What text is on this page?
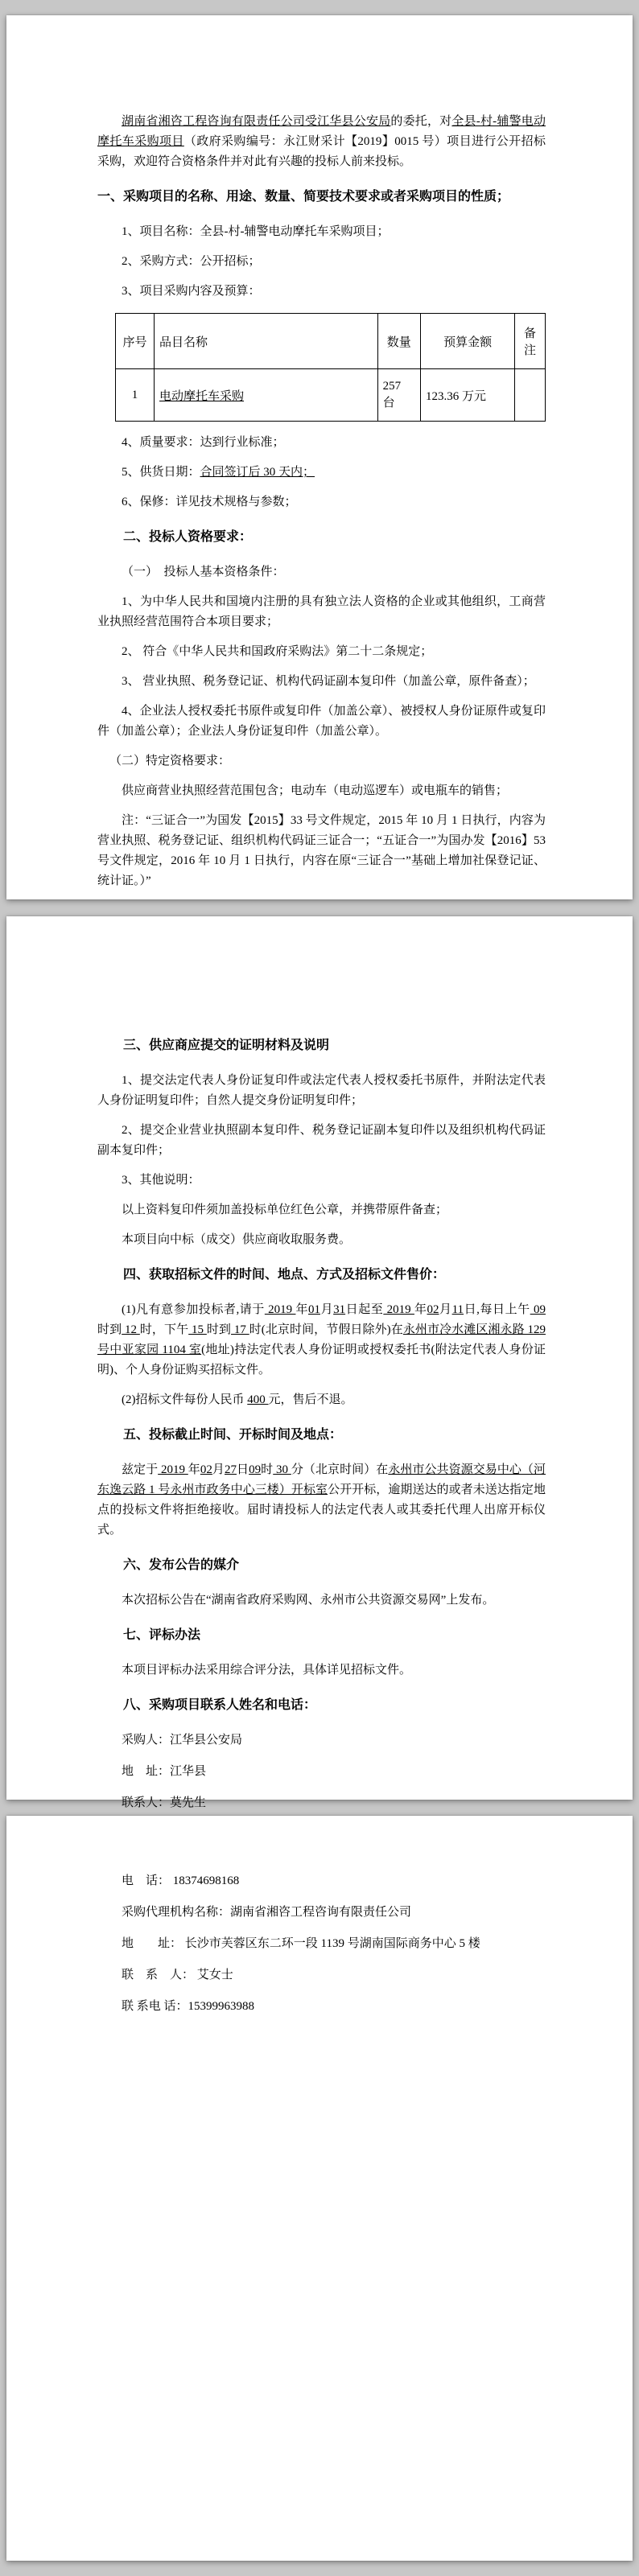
湖南省湘咨工程咨询有限责任公司受江华县公安局的委托，对全县-村-辅警电动摩托车采购项目（政府采购编号：永江财采计【2019】0015 号）项目进行公开招标采购，欢迎符合资格条件并对此有兴趣的投标人前来投标。

一、采购项目的名称、用途、数量、简要技术要求或者采购项目的性质；

1、项目名称：全县-村-辅警电动摩托车采购项目；

2、采购方式：公开招标；

3、项目采购内容及预算：

序号	品目名称	数量	预算金额	备注
1	电动摩托车采购	257 台	123.36 万元	

4、质量要求：达到行业标准；

5、供货日期：合同签订后 30 天内；

6、保修：详见技术规格与参数；

二、投标人资格要求：

（一）　投标人基本资格条件：

1、为中华人民共和国境内注册的具有独立法人资格的企业或其他组织，工商营业执照经营范围符合本项目要求；

2、 符合《中华人民共和国政府采购法》第二十二条规定；

3、 营业执照、税务登记证、机构代码证副本复印件（加盖公章，原件备查）；

4、企业法人授权委托书原件或复印件（加盖公章）、被授权人身份证原件或复印件（加盖公章）；企业法人身份证复印件（加盖公章）。

（二）特定资格要求：

供应商营业执照经营范围包含；电动车（电动巡逻车）或电瓶车的销售；

注：“三证合一”为国发【2015】33 号文件规定，2015 年 10 月 1 日执行，内容为营业执照、税务登记证、组织机构代码证三证合一；“五证合一”为国办发【2016】53 号文件规定，2016 年 10 月 1 日执行，内容在原“三证合一”基础上增加社保登记证、统计证。）”

三、供应商应提交的证明材料及说明

1、提交法定代表人身份证复印件或法定代表人授权委托书原件，并附法定代表人身份证明复印件；自然人提交身份证明复印件；

2、提交企业营业执照副本复印件、税务登记证副本复印件以及组织机构代码证副本复印件；

3、其他说明：

以上资料复印件须加盖投标单位红色公章，并携带原件备查；

本项目向中标（成交）供应商收取服务费。

四、获取招标文件的时间、地点、方式及招标文件售价：

(1)凡有意参加投标者,请于 2019 年01月31日起至 2019 年02月11日,每日上午 09 时到 12 时，下午 15 时到 17 时(北京时间，节假日除外)在永州市冷水滩区湘永路 129 号中亚家园 1104 室(地址)持法定代表人身份证明或授权委托书(附法定代表人身份证明)、个人身份证购买招标文件。

(2)招标文件每份人民币 400 元，售后不退。

五、投标截止时间、开标时间及地点：

兹定于 2019 年02月27日09时 30 分（北京时间）在永州市公共资源交易中心（河东逸云路 1 号永州市政务中心三楼）开标室公开开标，逾期送达的或者未送达指定地点的投标文件将拒绝接收。届时请投标人的法定代表人或其委托代理人出席开标仪式。

六、发布公告的媒介

本次招标公告在“湖南省政府采购网、永州市公共资源交易网”上发布。

七、评标办法

本项目评标办法采用综合评分法，具体详见招标文件。

八、采购项目联系人姓名和电话：

采购人：江华县公安局

地　址：江华县

联系人：莫先生

电　话： 18374698168

采购代理机构名称：湖南省湘咨工程咨询有限责任公司

地　　址： 长沙市芙蓉区东二环一段 1139 号湖南国际商务中心 5 楼

联　系　人： 艾女士

联 系电 话：15399963988
